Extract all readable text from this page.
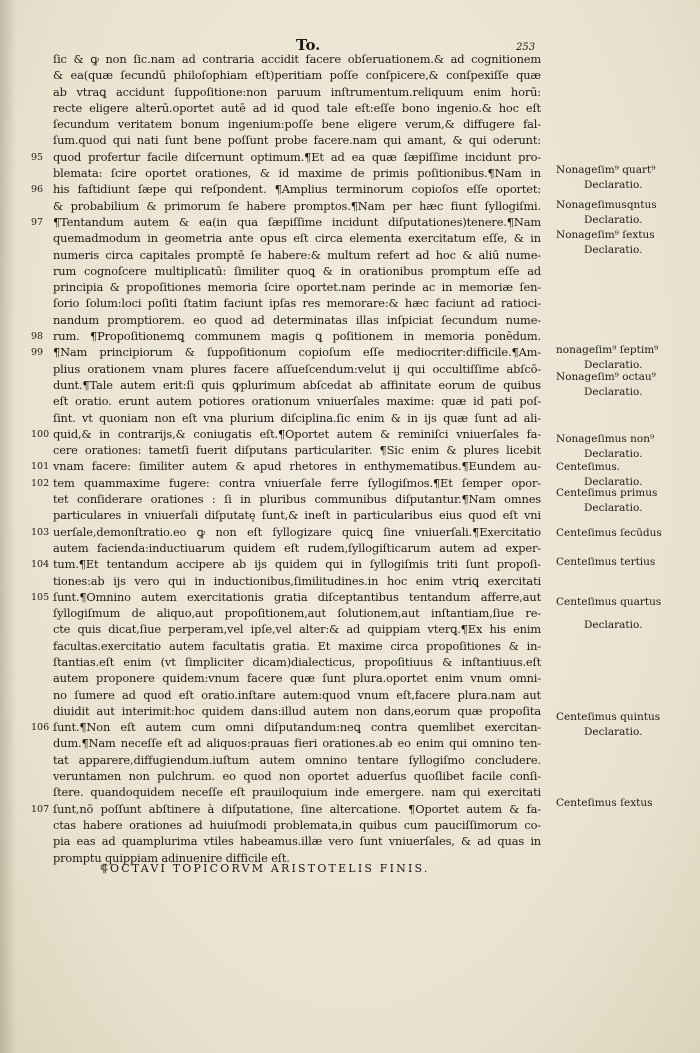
To.	253
ſic & ꝙ non ſic.nam ad contraria accidit facere obſeruationem.& ad cognitionem
& ea(quæ ſecundū philoſophiam eſt)peritiam poſſe conſpicere,& conſpexiſſe quæ
ab vtraꝗ accidunt ſuppoſitione:non paruum inſtrumentum.reliquum enim horū:
recte eligere alterū.oportet autē ad id quod tale eſt:eſſe bono ingenio.& hoc eſt
ſecundum veritatem bonum ingenium:poſſe bene eligere verum,& diffugere fal-
ſum.quod qui nati ſunt bene poſſunt probe facere.nam qui amant, & qui oderunt:
95 quod profertur facile diſcernunt optimum.¶Et ad ea quæ ſæpiſſime incidunt pro-
blemata: ſcire oportet orationes, & id maxime de primis poſitionibus.¶Nam in
96 his faſtidiunt ſæpe qui reſpondent. ¶Amplius terminorum copioſos eſſe oportet:
& probabilium & primorum ſe habere promptos.¶Nam per hæc fiunt ſyllogiſmi.
97 ¶Tentandum autem & ea(in qua ſæpiſſime incidunt diſputationes)tenere.¶Nam
quemadmodum in geometria ante opus eſt circa elementa exercitatum eſſe, & in
numeris circa capitales promptē ſe habere:& multum refert ad hoc & aliū nume-
rum cognoſcere multiplicatū: ſimiliter quoꝗ & in orationibus promptum eſſe ad
principia & propoſitiones memoria ſcire oportet.nam perinde ac in memoriæ ſen-
ſorio ſolum:loci poſiti ſtatim faciunt ipſas res memorare:& hæc faciunt ad ratioci-
nandum promptiorem. eo quod ad determinatas illas inſpiciat ſecundum nume-
98 rum. ¶Propoſitionemꝗ communem magis ꝗ poſitionem in memoria ponēdum.
99 ¶Nam principiorum & ſuppoſitionum copioſum eſſe mediocriter:difficile.¶Am-
plius orationem vnam plures facere aſſueſcendum:velut ij qui occultiſſime abſcō-
dunt.¶Tale autem erit:ſi quis ꝙplurimum abſcedat ab affinitate eorum de quibus
eſt oratio. erunt autem potiores orationum vniuerſales maxime: quæ id pati poſ-
ſint. vt quoniam non eſt vna plurium diſciplina.ſic enim & in ijs quæ ſunt ad ali-
100 quid,& in contrarijs,& coniugatis eſt.¶Oportet autem & reminiſci vniuerſales fa-
cere orationes: tametſi fuerit diſputans particulariter. ¶Sic enim & plures licebit
101 vnam facere: ſimiliter autem & apud rhetores in enthymematibus.¶Eundem au-
102 tem quammaxime fugere: contra vniuerſale ferre ſyllogiſmos.¶Et ſemper opor-
tet conſiderare orationes : ſi in pluribus communibus diſputantur.¶Nam omnes
particulares in vniuerſali diſputatę ſunt,& ineſt in particularibus eius quod eſt vni
103 uerſale,demonſtratio.eo ꝙ non eſt ſyllogizare quicꝗ ſine vniuerſali.¶Exercitatio
autem facienda:inductiuarum quidem eſt rudem,ſyllogiſticarum autem ad exper-
104 tum.¶Et tentandum accipere ab ijs quidem qui in ſyllogiſmis triti ſunt propoſi-
tiones:ab ijs vero qui in inductionibus,ſimilitudines.in hoc enim vtriꝗ exercitati
105 ſunt.¶Omnino autem exercitationis gratia diſceptantibus tentandum afferre,aut
ſyllogiſmum de aliquo,aut propoſitionem,aut ſolutionem,aut inſtantiam,ſiue re-
cte quis dicat,ſiue perperam,vel ipſe,vel alter:& ad quippiam vterꝗ.¶Ex his enim
facultas.exercitatio autem facultatis gratia. Et maxime circa propoſitiones & in-
ſtantias.eſt enim (vt ſimpliciter dicam)dialecticus, propoſitiuus & inſtantiuus.eſt
autem proponere quidem:vnum facere quæ ſunt plura.oportet enim vnum omni-
no ſumere ad quod eſt oratio.inſtare autem:quod vnum eſt,facere plura.nam aut
diuidit aut interimit:hoc quidem dans:illud autem non dans,eorum quæ propoſita
106 ſunt.¶Non eſt autem cum omni diſputandum:neꝗ contra quemlibet exercitan-
dum.¶Nam neceſſe eſt ad aliquos:prauas fieri orationes.ab eo enim qui omnino ten-
tat apparere,diffugiendum.iuſtum autem omnino tentare ſyllogiſmo concludere.
veruntamen non pulchrum. eo quod non oportet aduerſus quoſlibet facile conſi-
ſtere. quandoquidem neceſſe eſt prauiloquium inde emergere. nam qui exercitati
107 ſunt,nō poſſunt abſtinere à diſputatione, ſine altercatione. ¶Oportet autem & fa-
ctas habere orationes ad huiuſmodi problemata,in quibus cum pauciſſimorum co-
pia eas ad quamplurima vtiles habeamus.illæ vero ſunt vniuerſales, & ad quas in
promptu quippiam adinuenire difficile eſt.
⸿OCTAVI TOPICORVM ARISTOTELIS FINIS.
Nonageſim⁹ quart⁹
Declaratio.
Nonageſimusqntus
Declaratio.
Nonageſim⁹ ſextus
Declaratio.
nonageſim⁹ ſeptim⁹
Declaratio.
Nonageſim⁹ octau⁹
Declaratio.
Nonageſimus non⁹
Declaratio.
Centeſimus.
Declaratio.
Centeſimus primus
Declaratio.
Centeſimus ſecūdus
Centeſimus tertius
Centeſimus quartus
Declaratio.
Centeſimus quintus
Declaratio.
Centeſimus ſextus
